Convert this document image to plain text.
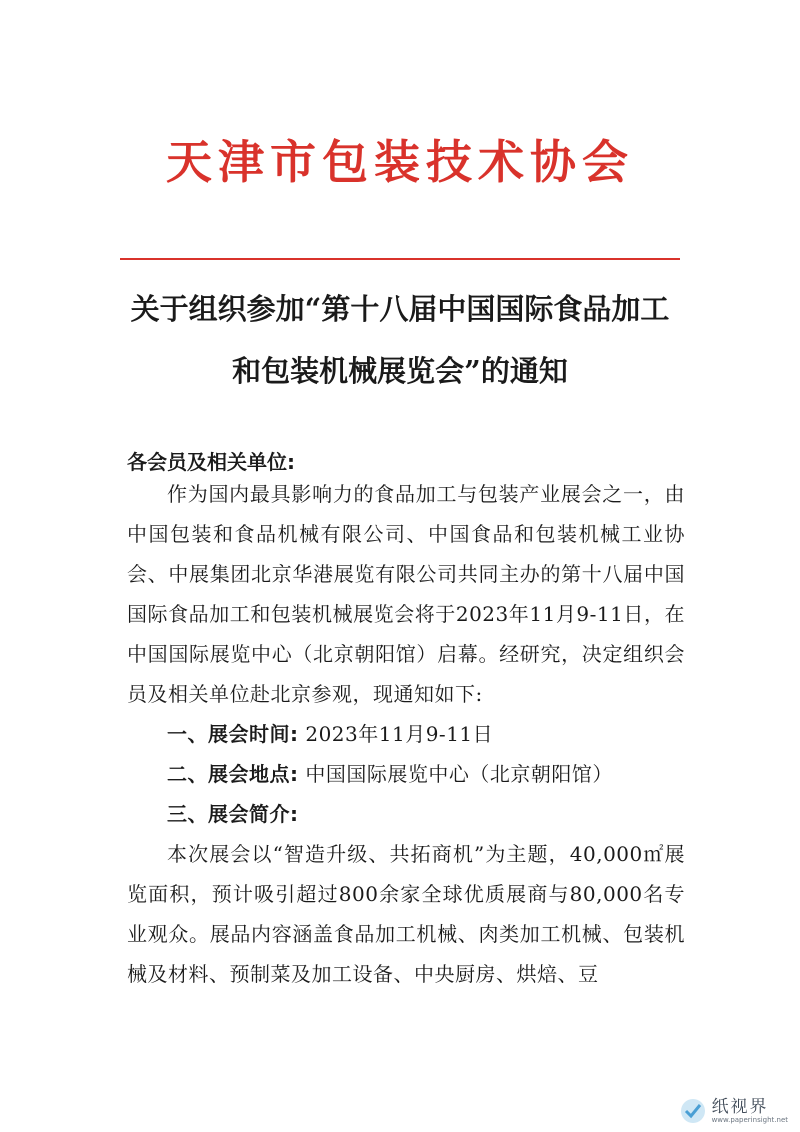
天津市包装技术协会
关于组织参加“第十八届中国国际食品加工
和包装机械展览会”的通知
各会员及相关单位:

作为国内最具影响力的食品加工与包装产业展会之一，由中国包装和食品机械有限公司、中国食品和包装机械工业协会、中展集团北京华港展览有限公司共同主办的第十八届中国国际食品加工和包装机械展览会将于2023年11月9-11日，在中国国际展览中心（北京朝阳馆）启幕。经研究，决定组织会员及相关单位赴北京参观，现通知如下:

一、展会时间: 2023年11月9-11日

二、展会地点: 中国国际展览中心（北京朝阳馆）

三、展会简介:

本次展会以“智造升级、共拓商机”为主题，40,000㎡展览面积，预计吸引超过800余家全球优质展商与80,000名专业观众。展品内容涵盖食品加工机械、肉类加工机械、包装机械及材料、预制菜及加工设备、中央厨房、烘焙、豆

纸视界
www.paperinsight.net
